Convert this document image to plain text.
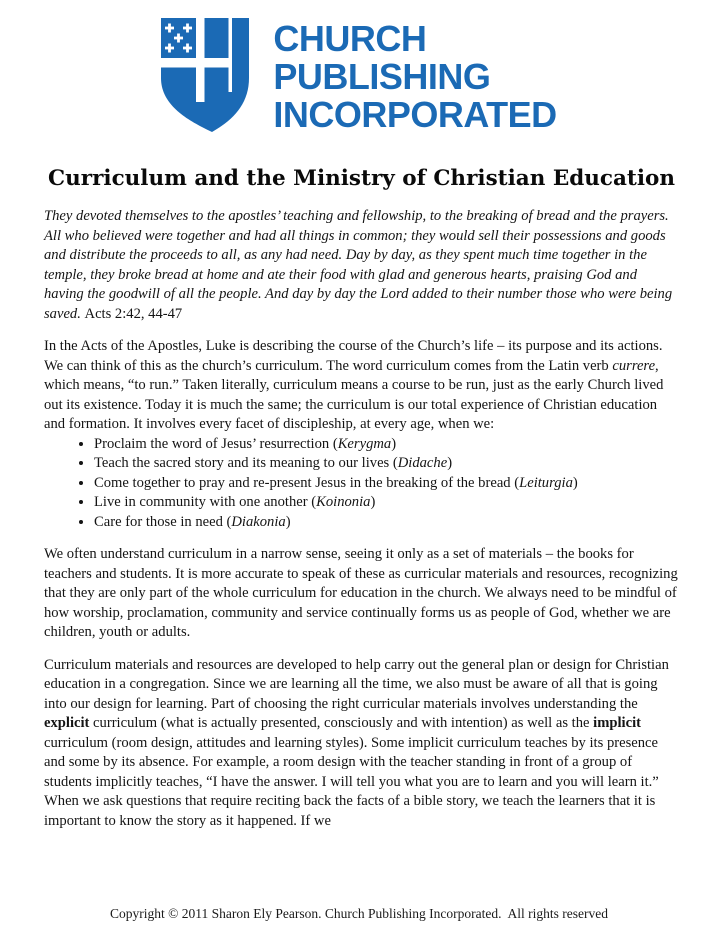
CHURCH
PUBLISHING
INCORPORATED
Curriculum and the Ministry of Christian Education
They devoted themselves to the apostles’ teaching and fellowship, to the breaking of bread and the prayers. All who believed were together and had all things in common; they would sell their possessions and goods and distribute the proceeds to all, as any had need. Day by day, as they spent much time together in the temple, they broke bread at home and ate their food with glad and generous hearts, praising God and having the goodwill of all the people. And day by day the Lord added to their number those who were being saved. Acts 2:42, 44-47

In the Acts of the Apostles, Luke is describing the course of the Church’s life – its purpose and its actions. We can think of this as the church’s curriculum. The word curriculum comes from the Latin verb currere, which means, “to run.” Taken literally, curriculum means a course to be run, just as the early Church lived out its existence. Today it is much the same; the curriculum is our total experience of Christian education and formation. It involves every facet of discipleship, at every age, when we:

• Proclaim the word of Jesus’ resurrection (Kerygma)
• Teach the sacred story and its meaning to our lives (Didache)
• Come together to pray and re-present Jesus in the breaking of the bread (Leiturgia)
• Live in community with one another (Koinonia)
• Care for those in need (Diakonia)

We often understand curriculum in a narrow sense, seeing it only as a set of materials – the books for teachers and students. It is more accurate to speak of these as curricular materials and resources, recognizing that they are only part of the whole curriculum for education in the church. We always need to be mindful of how worship, proclamation, community and service continually forms us as people of God, whether we are children, youth or adults.

Curriculum materials and resources are developed to help carry out the general plan or design for Christian education in a congregation. Since we are learning all the time, we also must be aware of all that is going into our design for learning. Part of choosing the right curricular materials involves understanding the explicit curriculum (what is actually presented, consciously and with intention) as well as the implicit curriculum (room design, attitudes and learning styles). Some implicit curriculum teaches by its presence and some by its absence. For example, a room design with the teacher standing in front of a group of students implicitly teaches, “I have the answer. I will tell you what you are to learn and you will learn it.” When we ask questions that require reciting back the facts of a bible story, we teach the learners that it is important to know the story as it happened. If we

Copyright © 2011 Sharon Ely Pearson. Church Publishing Incorporated.  All rights reserved
